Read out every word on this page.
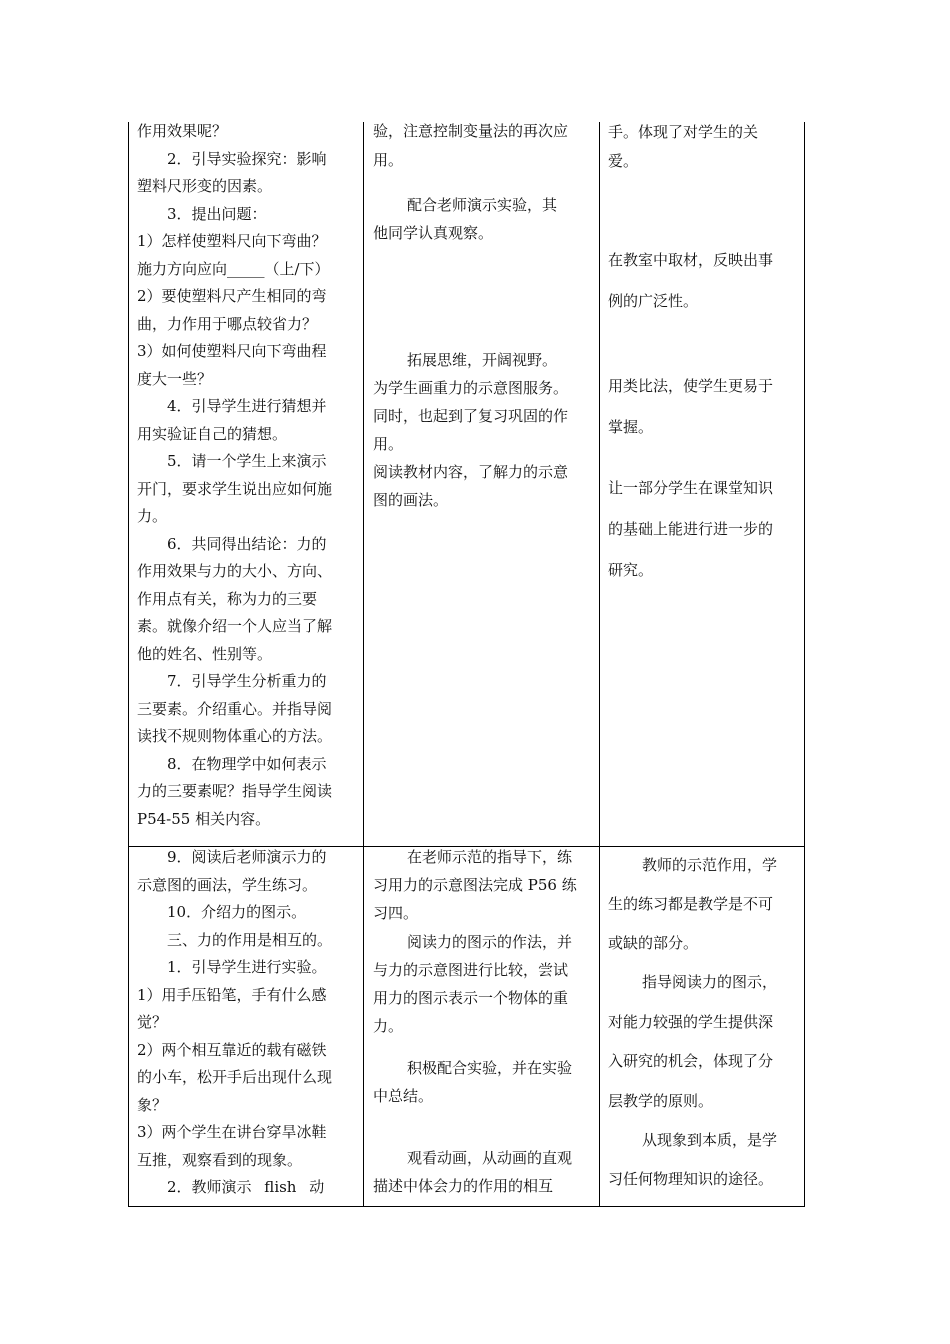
作用效果呢？

2．引导实验探究：影响

塑料尺形变的因素。

3．提出问题：

1）怎样使塑料尺向下弯曲？

施力方向应向_____（上/下）

2）要使塑料尺产生相同的弯

曲，力作用于哪点较省力？

3）如何使塑料尺向下弯曲程

度大一些？

4．引导学生进行猜想并

用实验证自己的猜想。

5．请一个学生上来演示

开门，要求学生说出应如何施

力。

6．共同得出结论：力的

作用效果与力的大小、方向、

作用点有关，称为力的三要

素。就像介绍一个人应当了解

他的姓名、性别等。

7．引导学生分析重力的

三要素。介绍重心。并指导阅

读找不规则物体重心的方法。

8．在物理学中如何表示

力的三要素呢？指导学生阅读

P54-55 相关内容。

验，注意控制变量法的再次应

用。

配合老师演示实验，其

他同学认真观察。

拓展思维，开阔视野。

为学生画重力的示意图服务。

同时，也起到了复习巩固的作

用。

阅读教材内容，了解力的示意

图的画法。

手。体现了对学生的关

爱。

在教室中取材，反映出事

例的广泛性。

用类比法，使学生更易于

掌握。

让一部分学生在课堂知识

的基础上能进行进一步的

研究。

9．阅读后老师演示力的

示意图的画法，学生练习。

10．介绍力的图示。

三、力的作用是相互的。

1．引导学生进行实验。

1）用手压铅笔，手有什么感

觉？

2）两个相互靠近的载有磁铁

的小车，松开手后出现什么现

象？

3）两个学生在讲台穿旱冰鞋

互推，观察看到的现象。

2．教师演示 flish 动

在老师示范的指导下，练

习用力的示意图法完成 P56 练

习四。

阅读力的图示的作法，并

与力的示意图进行比较，尝试

用力的图示表示一个物体的重

力。

积极配合实验，并在实验

中总结。

观看动画，从动画的直观

描述中体会力的作用的相互

教师的示范作用，学

生的练习都是教学是不可

或缺的部分。

指导阅读力的图示，

对能力较强的学生提供深

入研究的机会，体现了分

层教学的原则。

从现象到本质，是学

习任何物理知识的途径。
